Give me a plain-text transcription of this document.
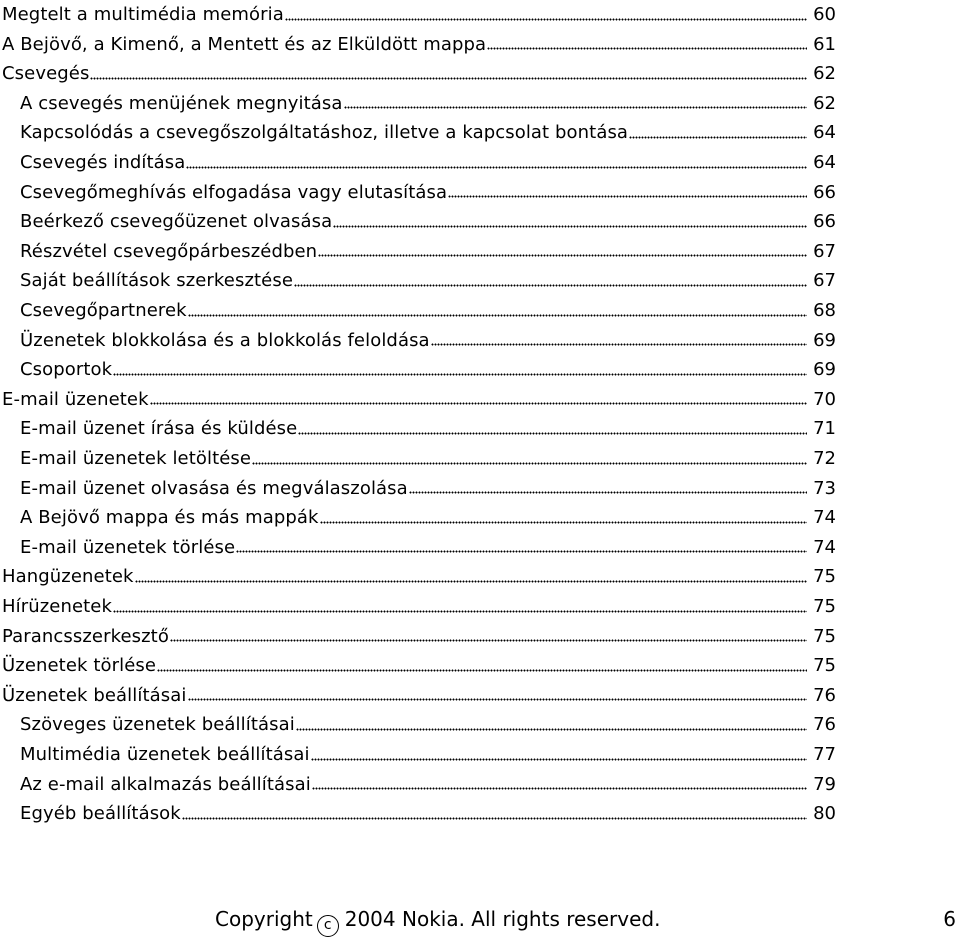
Megtelt a multimédia memória	60
A Bejövő, a Kimenő, a Mentett és az Elküldött mappa	61
Csevegés	62
A csevegés menüjének megnyitása	62
Kapcsolódás a csevegőszolgáltatáshoz, illetve a kapcsolat bontása	64
Csevegés indítása	64
Csevegőmeghívás elfogadása vagy elutasítása	66
Beérkező csevegőüzenet olvasása	66
Részvétel csevegőpárbeszédben	67
Saját beállítások szerkesztése	67
Csevegőpartnerek	68
Üzenetek blokkolása és a blokkolás feloldása	69
Csoportok	69
E-mail üzenetek	70
E-mail üzenet írása és küldése	71
E-mail üzenetek letöltése	72
E-mail üzenet olvasása és megválaszolása	73
A Bejövő mappa és más mappák	74
E-mail üzenetek törlése	74
Hangüzenetek	75
Hírüzenetek	75
Parancsszerkesztő	75
Üzenetek törlése	75
Üzenetek beállításai	76
Szöveges üzenetek beállításai	76
Multimédia üzenetek beállításai	77
Az e-mail alkalmazás beállításai	79
Egyéb beállítások	80
Copyright c 2004 Nokia. All rights reserved.	6
